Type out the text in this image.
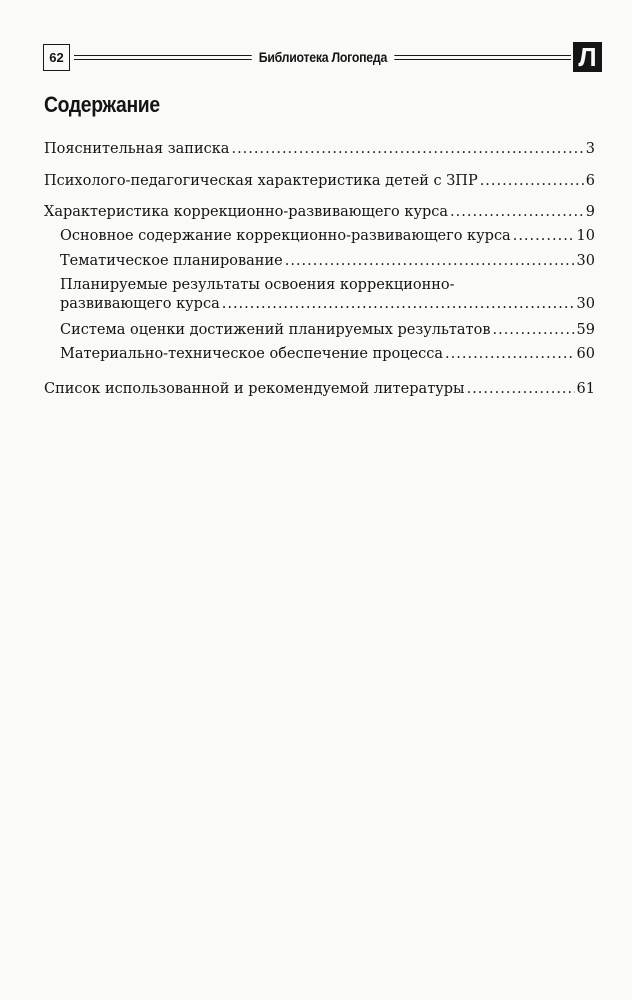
62	Библиотека Логопеда	Л
Содержание
Пояснительная записка .....	3
Психолого-педагогическая характеристика детей с ЗПР .....	6
Характеристика коррекционно-развивающего курса .....	9
Основное содержание коррекционно-развивающего курса .....	10
Тематическое планирование .....	30
Планируемые результаты освоения коррекционно-
развивающего курса .....	30
Система оценки достижений планируемых результатов .....	59
Материально-техническое обеспечение процесса .....	60
Список использованной и рекомендуемой литературы .....	61
